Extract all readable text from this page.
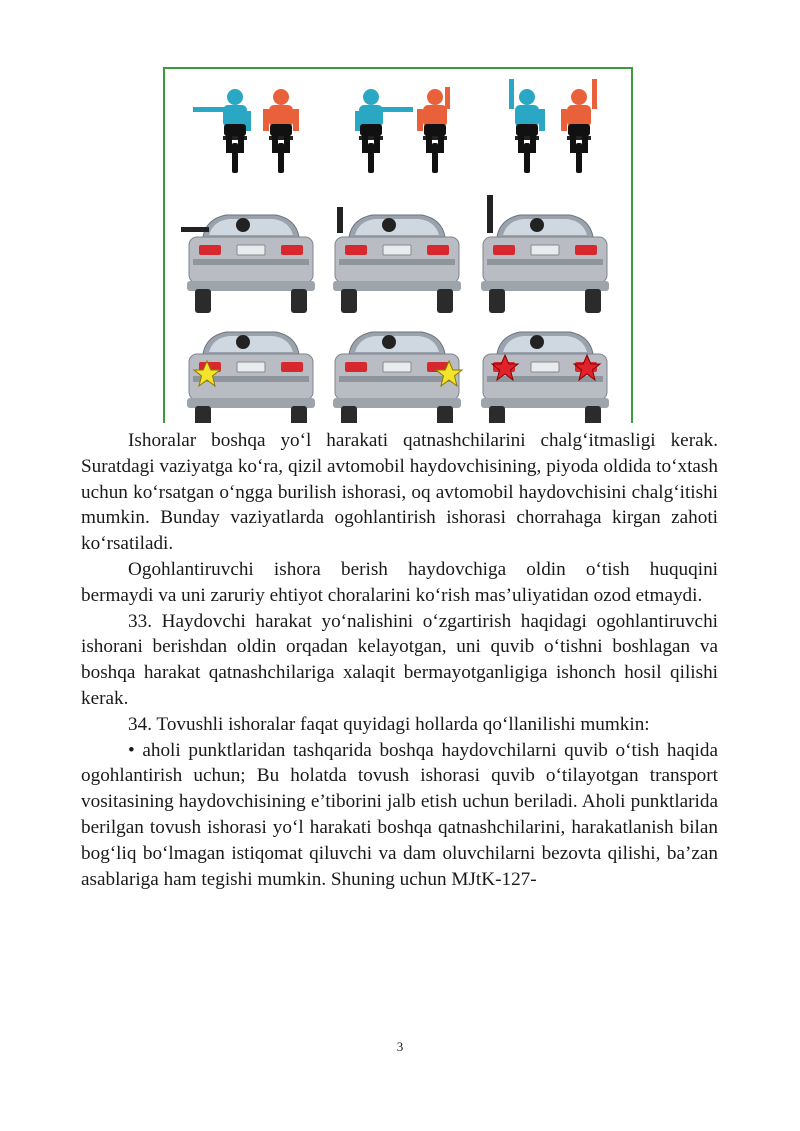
Ishoralar boshqa yoʻl harakati qatnashchilarini chalgʻitmasligi kerak. Suratdagi vaziyatga koʻra, qizil avtomobil haydovchisining, piyoda oldida toʻxtash uchun koʻrsatgan oʻngga burilish ishorasi, oq avtomobil haydovchisini chalgʻitishi mumkin. Bunday vaziyatlarda ogohlantirish ishorasi chorrahaga kirgan zahoti koʻrsatiladi.

Ogohlantiruvchi ishora berish haydovchiga oldin oʻtish huquqini

bermaydi va uni zaruriy ehtiyot choralarini koʻrish mas’uliyatidan ozod etmaydi.

33. Haydovchi harakat yoʻnalishini oʻzgartirish haqidagi ogohlantiruvchi ishorani berishdan oldin orqadan kelayotgan, uni quvib oʻtishni boshlagan va boshqa harakat qatnashchilariga xalaqit bermayotganligiga ishonch hosil qilishi kerak.

34. Tovushli ishoralar faqat quyidagi hollarda qoʻllanilishi mumkin:

• aholi punktlaridan tashqarida boshqa haydovchilarni quvib oʻtish haqida ogohlantirish uchun; Bu holatda tovush ishorasi quvib oʻtilayotgan transport vositasining haydovchisining e’tiborini jalb etish uchun beriladi. Aholi punktlarida berilgan tovush ishorasi yoʻl harakati boshqa qatnashchilarini, harakatlanish bilan bogʻliq boʻlmagan istiqomat qiluvchi va dam oluvchilarni bezovta qilishi, ba’zan asablariga ham tegishi mumkin. Shuning uchun MJtK-127-

3
